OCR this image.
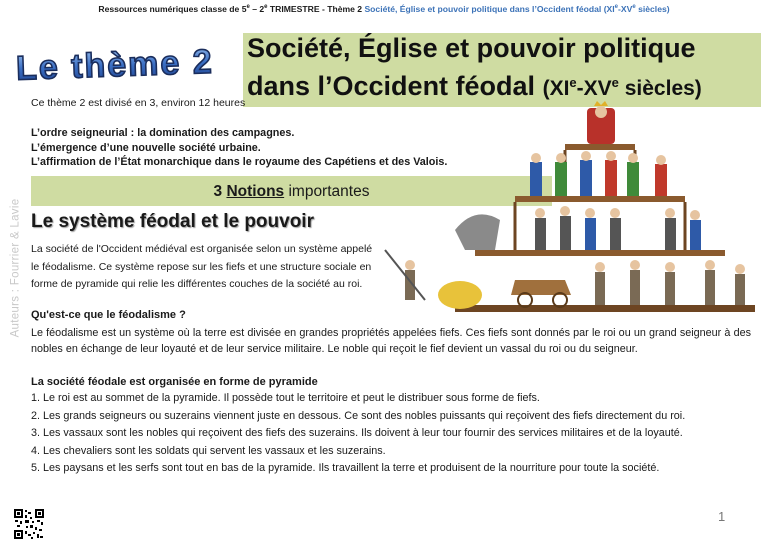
Ressources numériques classe de 5e – 2e TRIMESTRE - Thème 2 Société, Église et pouvoir politique dans l’Occident féodal (XIe-XVe siècles)
Le thème 2 Société, Église et pouvoir politique
dans l’Occident féodal (XIe-XVe siècles)
Ce thème 2 est divisé en 3, environ 12 heures
L’ordre seigneurial : la domination des campagnes.
L’émergence d’une nouvelle société urbaine.
L’affirmation de l’État monarchique dans le royaume des Capétiens et des Valois.
3 Notions importantes
Auteurs : Fourrier & Lavie Le système féodal et le pouvoir
La société de l'Occident médiéval est organisée selon un système appelé le féodalisme. Ce système repose sur les fiefs et une structure sociale en forme de pyramide qui relie les différentes couches de la société au roi.
Qu'est-ce que le féodalisme ?
Le féodalisme est un système où la terre est divisée en grandes propriétés appelées fiefs. Ces fiefs sont donnés par le roi ou un grand seigneur à des nobles en échange de leur loyauté et de leur service militaire. Le noble qui reçoit le fief devient un vassal du roi ou du seigneur.
La société féodale est organisée en forme de pyramide

1. Le roi est au sommet de la pyramide. Il possède tout le territoire et peut le distribuer sous forme de fiefs.

2. Les grands seigneurs ou suzerains viennent juste en dessous. Ce sont des nobles puissants qui reçoivent des fiefs directement du roi.

3. Les vassaux sont les nobles qui reçoivent des fiefs des suzerains. Ils doivent à leur tour fournir des services militaires et de la loyauté.

4. Les chevaliers sont les soldats qui servent les vassaux et les suzerains.

5. Les paysans et les serfs sont tout en bas de la pyramide. Ils travaillent la terre et produisent de la nourriture pour toute la société.

1
